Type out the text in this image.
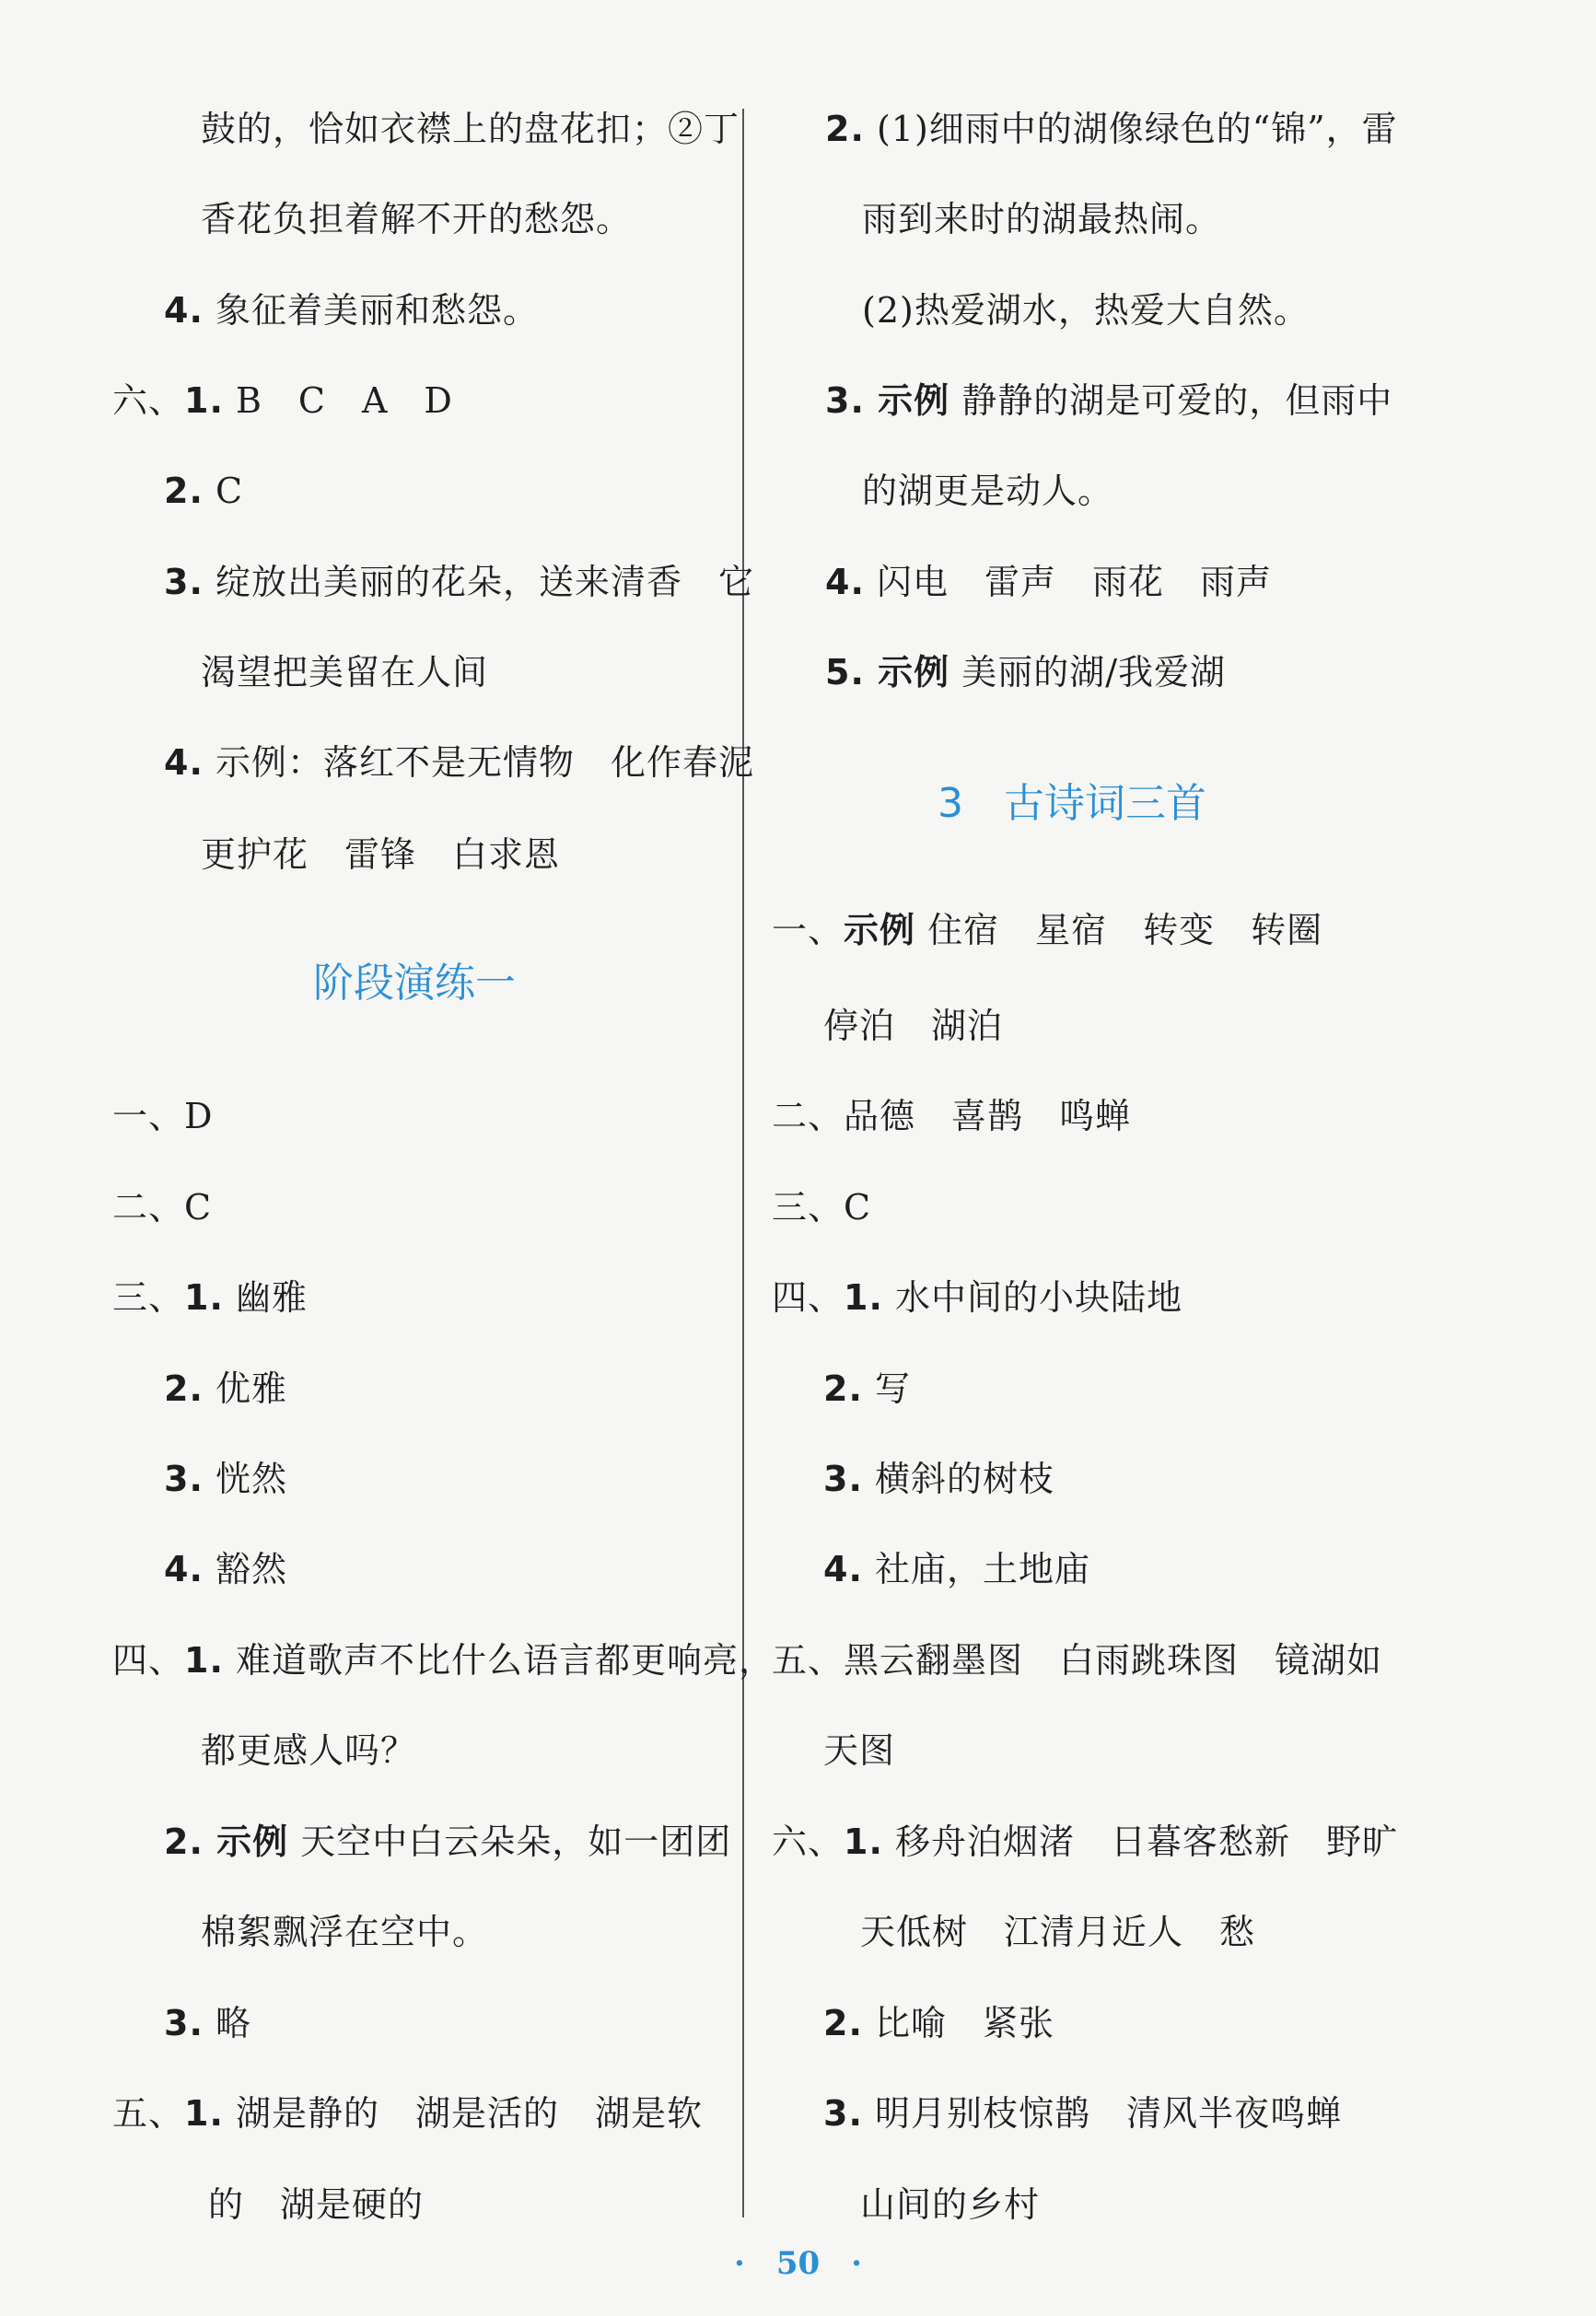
鼓的，恰如衣襟上的盘花扣；②丁
香花负担着解不开的愁怨。
4. 象征着美丽和愁怨。
六、1. B　C　A　D
2. C
3. 绽放出美丽的花朵，送来清香　它
渴望把美留在人间
4. 示例：落红不是无情物　化作春泥
更护花　雷锋　白求恩
阶段演练一
一、D
二、C
三、1. 幽雅
2. 优雅
3. 恍然
4. 豁然
四、1. 难道歌声不比什么语言都更响亮，
都更感人吗？
2. 示例 天空中白云朵朵，如一团团
棉絮飘浮在空中。
3. 略
五、1. 湖是静的　湖是活的　湖是软
的　湖是硬的
2. (1)细雨中的湖像绿色的“锦”，雷
雨到来时的湖最热闹。
(2)热爱湖水，热爱大自然。
3. 示例 静静的湖是可爱的，但雨中
的湖更是动人。
4. 闪电　雷声　雨花　雨声
5. 示例 美丽的湖/我爱湖
3　古诗词三首
一、示例 住宿　星宿　转变　转圈
停泊　湖泊
二、品德　喜鹊　鸣蝉
三、C
四、1. 水中间的小块陆地
2. 写
3. 横斜的树枝
4. 社庙，土地庙
五、黑云翻墨图　白雨跳珠图　镜湖如
天图
六、1. 移舟泊烟渚　日暮客愁新　野旷
天低树　江清月近人　愁
2. 比喻　紧张
3. 明月别枝惊鹊　清风半夜鸣蝉
山间的乡村
·　50　·
